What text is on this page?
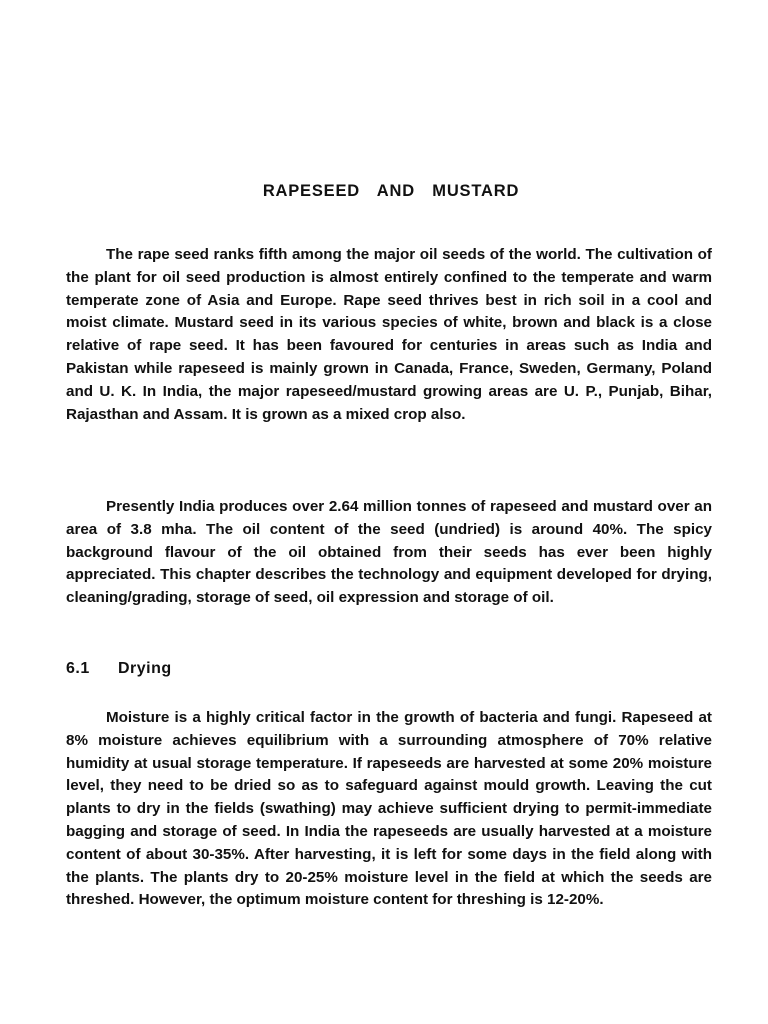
RAPESEED AND MUSTARD

The rape seed ranks fifth among the major oil seeds of the world. The cultivation of the plant for oil seed production is almost entirely confined to the temperate and warm temperate zone of Asia and Europe. Rape seed thrives best in rich soil in a cool and moist climate. Mustard seed in its various species of white, brown and black is a close relative of rape seed. It has been favoured for centuries in areas such as India and Pakistan while rapeseed is mainly grown in Canada, France, Sweden, Germany, Poland and U. K. In India, the major rapeseed/mustard growing areas are U. P., Punjab, Bihar, Rajasthan and Assam. It is grown as a mixed crop also.

Presently India produces over 2.64 million tonnes of rapeseed and mustard over an area of 3.8 mha. The oil content of the seed (undried) is around 40%. The spicy background flavour of the oil obtained from their seeds has ever been highly appreciated. This chapter describes the technology and equipment developed for drying, cleaning/grading, storage of seed, oil expression and storage of oil.

6.1 Drying

Moisture is a highly critical factor in the growth of bacteria and fungi. Rapeseed at 8% moisture achieves equilibrium with a surrounding atmosphere of 70% relative humidity at usual storage temperature. If rapeseeds are harvested at some 20% moisture level, they need to be dried so as to safeguard against mould growth. Leaving the cut plants to dry in the fields (swathing) may achieve sufficient drying to permit-immediate bagging and storage of seed. In India the rapeseeds are usually harvested at a moisture content of about 30-35%. After harvesting, it is left for some days in the field along with the plants. The plants dry to 20-25% moisture level in the field at which the seeds are threshed. However, the optimum moisture content for threshing is 12-20%.
